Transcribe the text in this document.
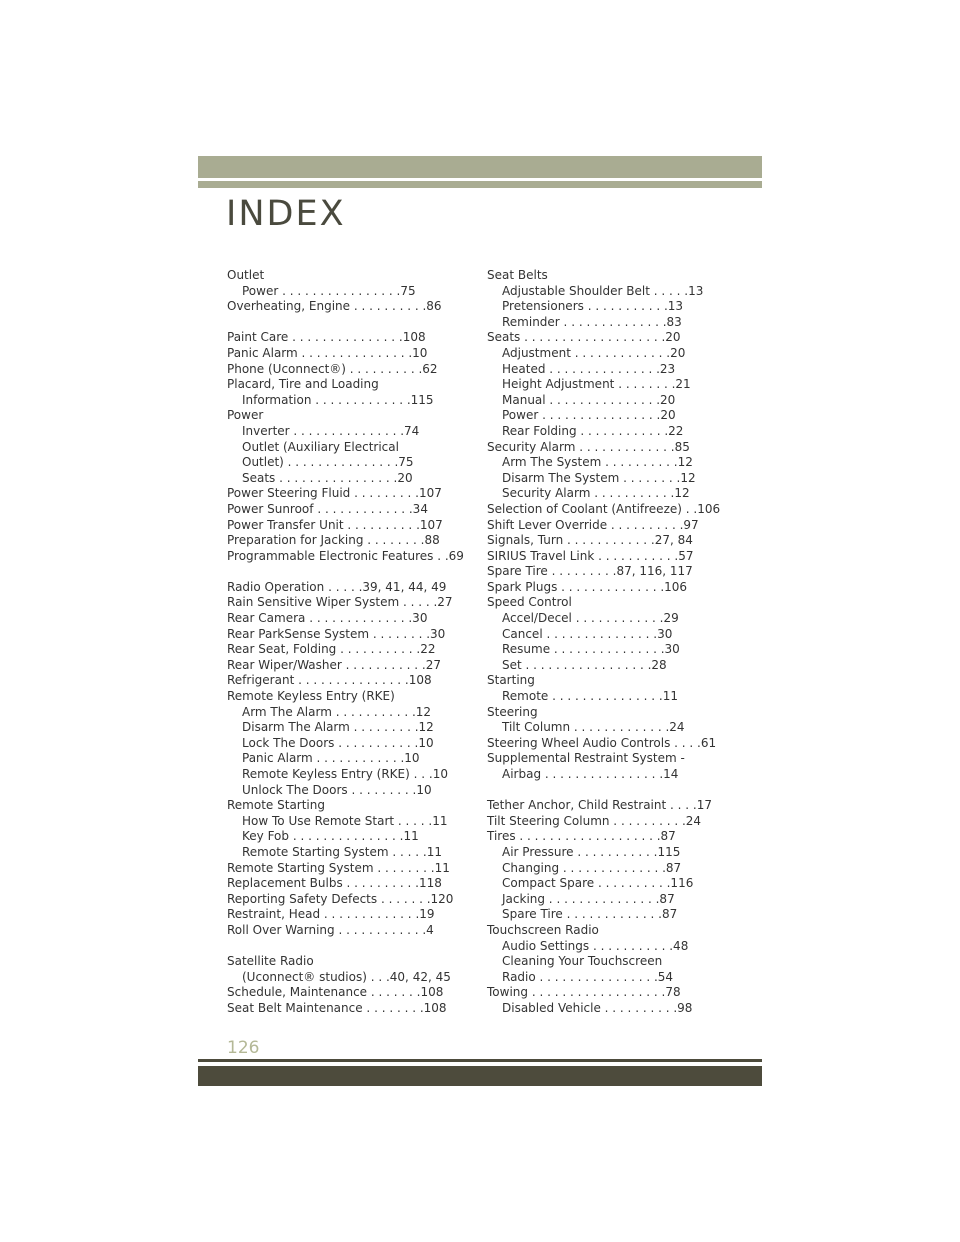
INDEX
Outlet
Power . . . . . . . . . . . . . . . .75
Overheating, Engine . . . . . . . . . .86
Paint Care . . . . . . . . . . . . . . .108
Panic Alarm . . . . . . . . . . . . . . .10
Phone (Uconnect®) . . . . . . . . . .62
Placard, Tire and Loading
Information . . . . . . . . . . . . .115
Power
Inverter . . . . . . . . . . . . . . .74
Outlet (Auxiliary Electrical
Outlet) . . . . . . . . . . . . . . .75
Seats . . . . . . . . . . . . . . . .20
Power Steering Fluid . . . . . . . . .107
Power Sunroof . . . . . . . . . . . . .34
Power Transfer Unit . . . . . . . . . .107
Preparation for Jacking . . . . . . . .88
Programmable Electronic Features . .69
Radio Operation . . . . .39, 41, 44, 49
Rain Sensitive Wiper System . . . . .27
Rear Camera . . . . . . . . . . . . . .30
Rear ParkSense System . . . . . . . .30
Rear Seat, Folding . . . . . . . . . . .22
Rear Wiper/Washer . . . . . . . . . . .27
Refrigerant . . . . . . . . . . . . . . .108
Remote Keyless Entry (RKE)
Arm The Alarm . . . . . . . . . . .12
Disarm The Alarm . . . . . . . . .12
Lock The Doors . . . . . . . . . . .10
Panic Alarm . . . . . . . . . . . .10
Remote Keyless Entry (RKE) . . .10
Unlock The Doors . . . . . . . . .10
Remote Starting
How To Use Remote Start . . . . .11
Key Fob . . . . . . . . . . . . . . .11
Remote Starting System . . . . .11
Remote Starting System . . . . . . . .11
Replacement Bulbs . . . . . . . . . .118
Reporting Safety Defects . . . . . . .120
Restraint, Head . . . . . . . . . . . . .19
Roll Over Warning . . . . . . . . . . . .4
Satellite Radio
(Uconnect® studios) . . .40, 42, 45
Schedule, Maintenance . . . . . . .108
Seat Belt Maintenance . . . . . . . .108
Seat Belts
Adjustable Shoulder Belt . . . . .13
Pretensioners . . . . . . . . . . .13
Reminder . . . . . . . . . . . . . .83
Seats . . . . . . . . . . . . . . . . . . .20
Adjustment . . . . . . . . . . . . .20
Heated . . . . . . . . . . . . . . .23
Height Adjustment . . . . . . . .21
Manual . . . . . . . . . . . . . . .20
Power . . . . . . . . . . . . . . . .20
Rear Folding . . . . . . . . . . . .22
Security Alarm . . . . . . . . . . . . .85
Arm The System . . . . . . . . . .12
Disarm The System . . . . . . . .12
Security Alarm . . . . . . . . . . .12
Selection of Coolant (Antifreeze) . .106
Shift Lever Override . . . . . . . . . .97
Signals, Turn . . . . . . . . . . . .27, 84
SIRIUS Travel Link . . . . . . . . . . .57
Spare Tire . . . . . . . . .87, 116, 117
Spark Plugs . . . . . . . . . . . . . .106
Speed Control
Accel/Decel . . . . . . . . . . . .29
Cancel . . . . . . . . . . . . . . .30
Resume . . . . . . . . . . . . . . .30
Set . . . . . . . . . . . . . . . . .28
Starting
Remote . . . . . . . . . . . . . . .11
Steering
Tilt Column . . . . . . . . . . . . .24
Steering Wheel Audio Controls . . . .61
Supplemental Restraint System -
Airbag . . . . . . . . . . . . . . . .14
Tether Anchor, Child Restraint . . . .17
Tilt Steering Column . . . . . . . . . .24
Tires . . . . . . . . . . . . . . . . . . .87
Air Pressure . . . . . . . . . . .115
Changing . . . . . . . . . . . . . .87
Compact Spare . . . . . . . . . .116
Jacking . . . . . . . . . . . . . . .87
Spare Tire . . . . . . . . . . . . .87
Touchscreen Radio
Audio Settings . . . . . . . . . . .48
Cleaning Your Touchscreen
Radio . . . . . . . . . . . . . . . .54
Towing . . . . . . . . . . . . . . . . . .78
Disabled Vehicle . . . . . . . . . .98
126
